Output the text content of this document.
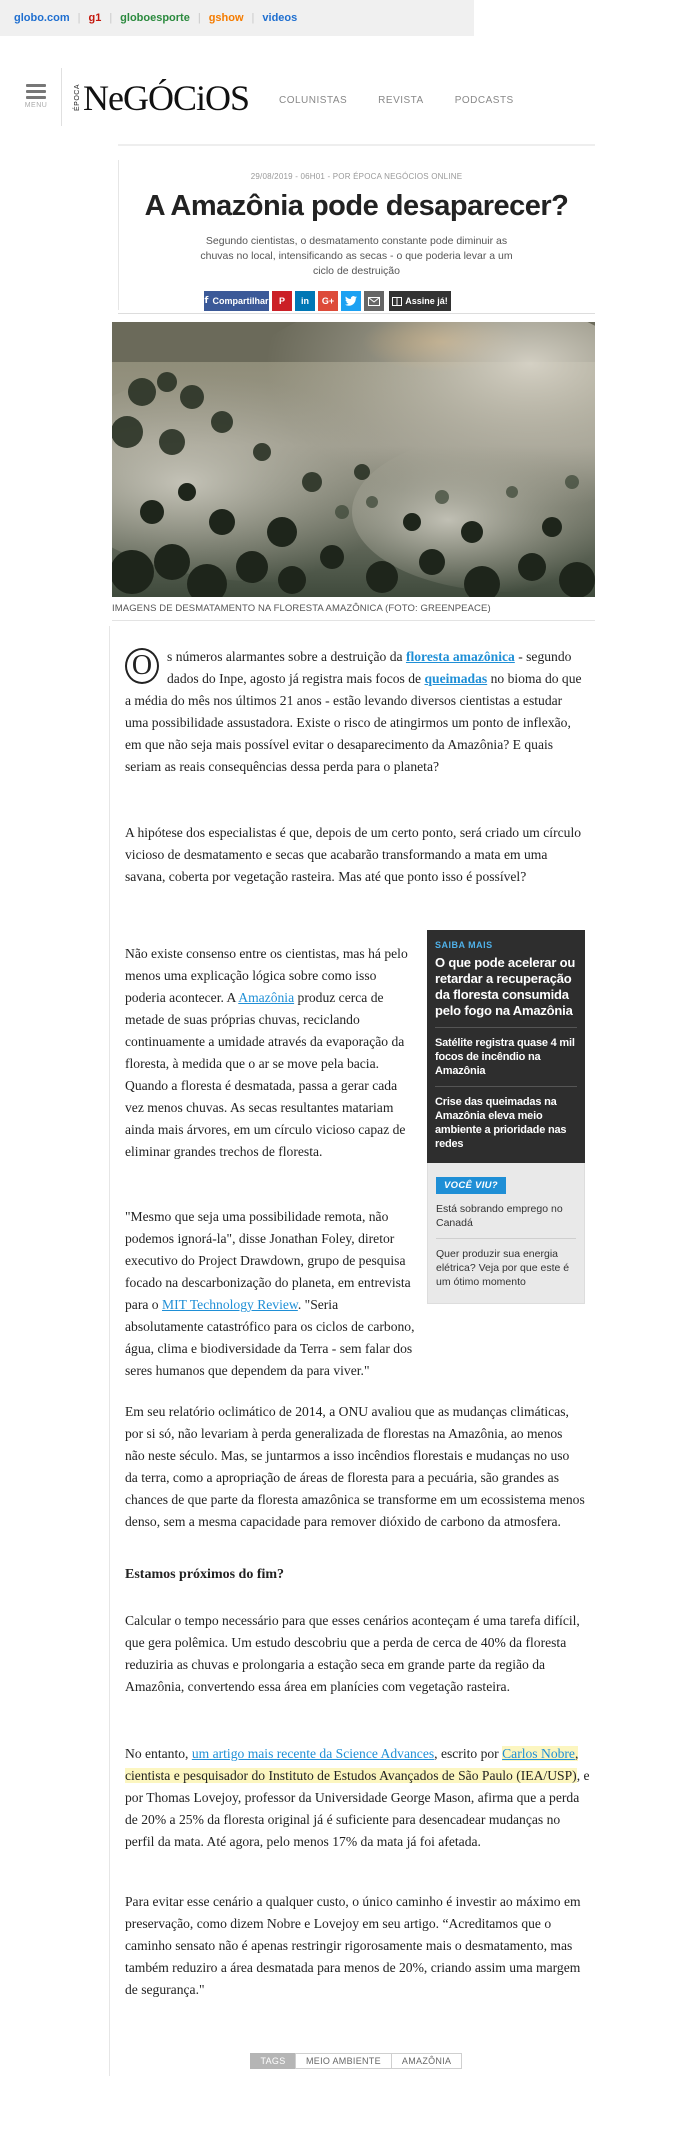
globo.com | g1 | globoesporte | gshow | videos
MENU	ÉPOCA NeGÓCiOS	COLUNISTAS	REVISTA	PODCASTS
29/08/2019 - 06H01 - POR ÉPOCA NEGÓCIOS ONLINE
A Amazônia pode desaparecer?
Segundo cientistas, o desmatamento constante pode diminuir as chuvas no local, intensificando as secas - o que poderia levar a um ciclo de destruição
f Compartilhar P in G+	Assine já!
IMAGENS DE DESMATAMENTO NA FLORESTA AMAZÔNICA (FOTO: GREENPEACE)
O	s números alarmantes sobre a destruição da floresta amazônica - segundo dados do Inpe, agosto já registra mais focos de queimadas no bioma do que a média do mês nos últimos 21 anos - estão levando diversos cientistas a estudar uma possibilidade assustadora. Existe o risco de atingirmos um ponto de inflexão, em que não seja mais possível evitar o desaparecimento da Amazônia? E quais seriam as reais consequências dessa perda para o planeta?
A hipótese dos especialistas é que, depois de um certo ponto, será criado um círculo vicioso de desmatamento e secas que acabarão transformando a mata em uma savana, coberta por vegetação rasteira. Mas até que ponto isso é possível?
Não existe consenso entre os cientistas, mas há pelo menos uma explicação lógica sobre como isso poderia acontecer. A Amazônia produz cerca de metade de suas próprias chuvas, reciclando continuamente a umidade através da evaporação da floresta, à medida que o ar se move pela bacia. Quando a floresta é desmatada, passa a gerar cada vez menos chuvas. As secas resultantes matariam ainda mais árvores, em um círculo vicioso capaz de eliminar grandes trechos de floresta.
"Mesmo que seja uma possibilidade remota, não podemos ignorá-la", disse Jonathan Foley, diretor executivo do Project Drawdown, grupo de pesquisa focado na descarbonização do planeta, em entrevista para o MIT Technology Review. "Seria absolutamente catastrófico para os ciclos de carbono, água, clima e biodiversidade da Terra - sem falar dos seres humanos que dependem da para viver."
Em seu relatório oclimático de 2014, a ONU avaliou que as mudanças climáticas, por si só, não levariam à perda generalizada de florestas na Amazônia, ao menos não neste século. Mas, se juntarmos a isso incêndios florestais e mudanças no uso da terra, como a apropriação de áreas de floresta para a pecuária, são grandes as chances de que parte da floresta amazônica se transforme em um ecossistema menos denso, sem a mesma capacidade para remover dióxido de carbono da atmosfera.
Estamos próximos do fim?
Calcular o tempo necessário para que esses cenários aconteçam é uma tarefa difícil, que gera polêmica. Um estudo descobriu que a perda de cerca de 40% da floresta reduziria as chuvas e prolongaria a estação seca em grande parte da região da Amazônia, convertendo essa área em planícies com vegetação rasteira.
No entanto, um artigo mais recente da Science Advances, escrito por Carlos Nobre, cientista e pesquisador do Instituto de Estudos Avançados de São Paulo (IEA/USP), e por Thomas Lovejoy, professor da Universidade George Mason, afirma que a perda de 20% a 25% da floresta original já é suficiente para desencadear mudanças no perfil da mata. Até agora, pelo menos 17% da mata já foi afetada.
Para evitar esse cenário a qualquer custo, o único caminho é investir ao máximo em preservação, como dizem Nobre e Lovejoy em seu artigo. “Acreditamos que o caminho sensato não é apenas restringir rigorosamente mais o desmatamento, mas também reduziro a área desmatada para menos de 20%, criando assim uma margem de segurança."
SAIBA MAIS
O que pode acelerar ou retardar a recuperação da floresta consumida pelo fogo na Amazônia
Satélite registra quase 4 mil focos de incêndio na Amazônia
Crise das queimadas na Amazônia eleva meio ambiente a prioridade nas redes
VOCÊ VIU?
Está sobrando emprego no Canadá
Quer produzir sua energia elétrica? Veja por que este é um ótimo momento
TAGS	MEIO AMBIENTE	AMAZÔNIA
